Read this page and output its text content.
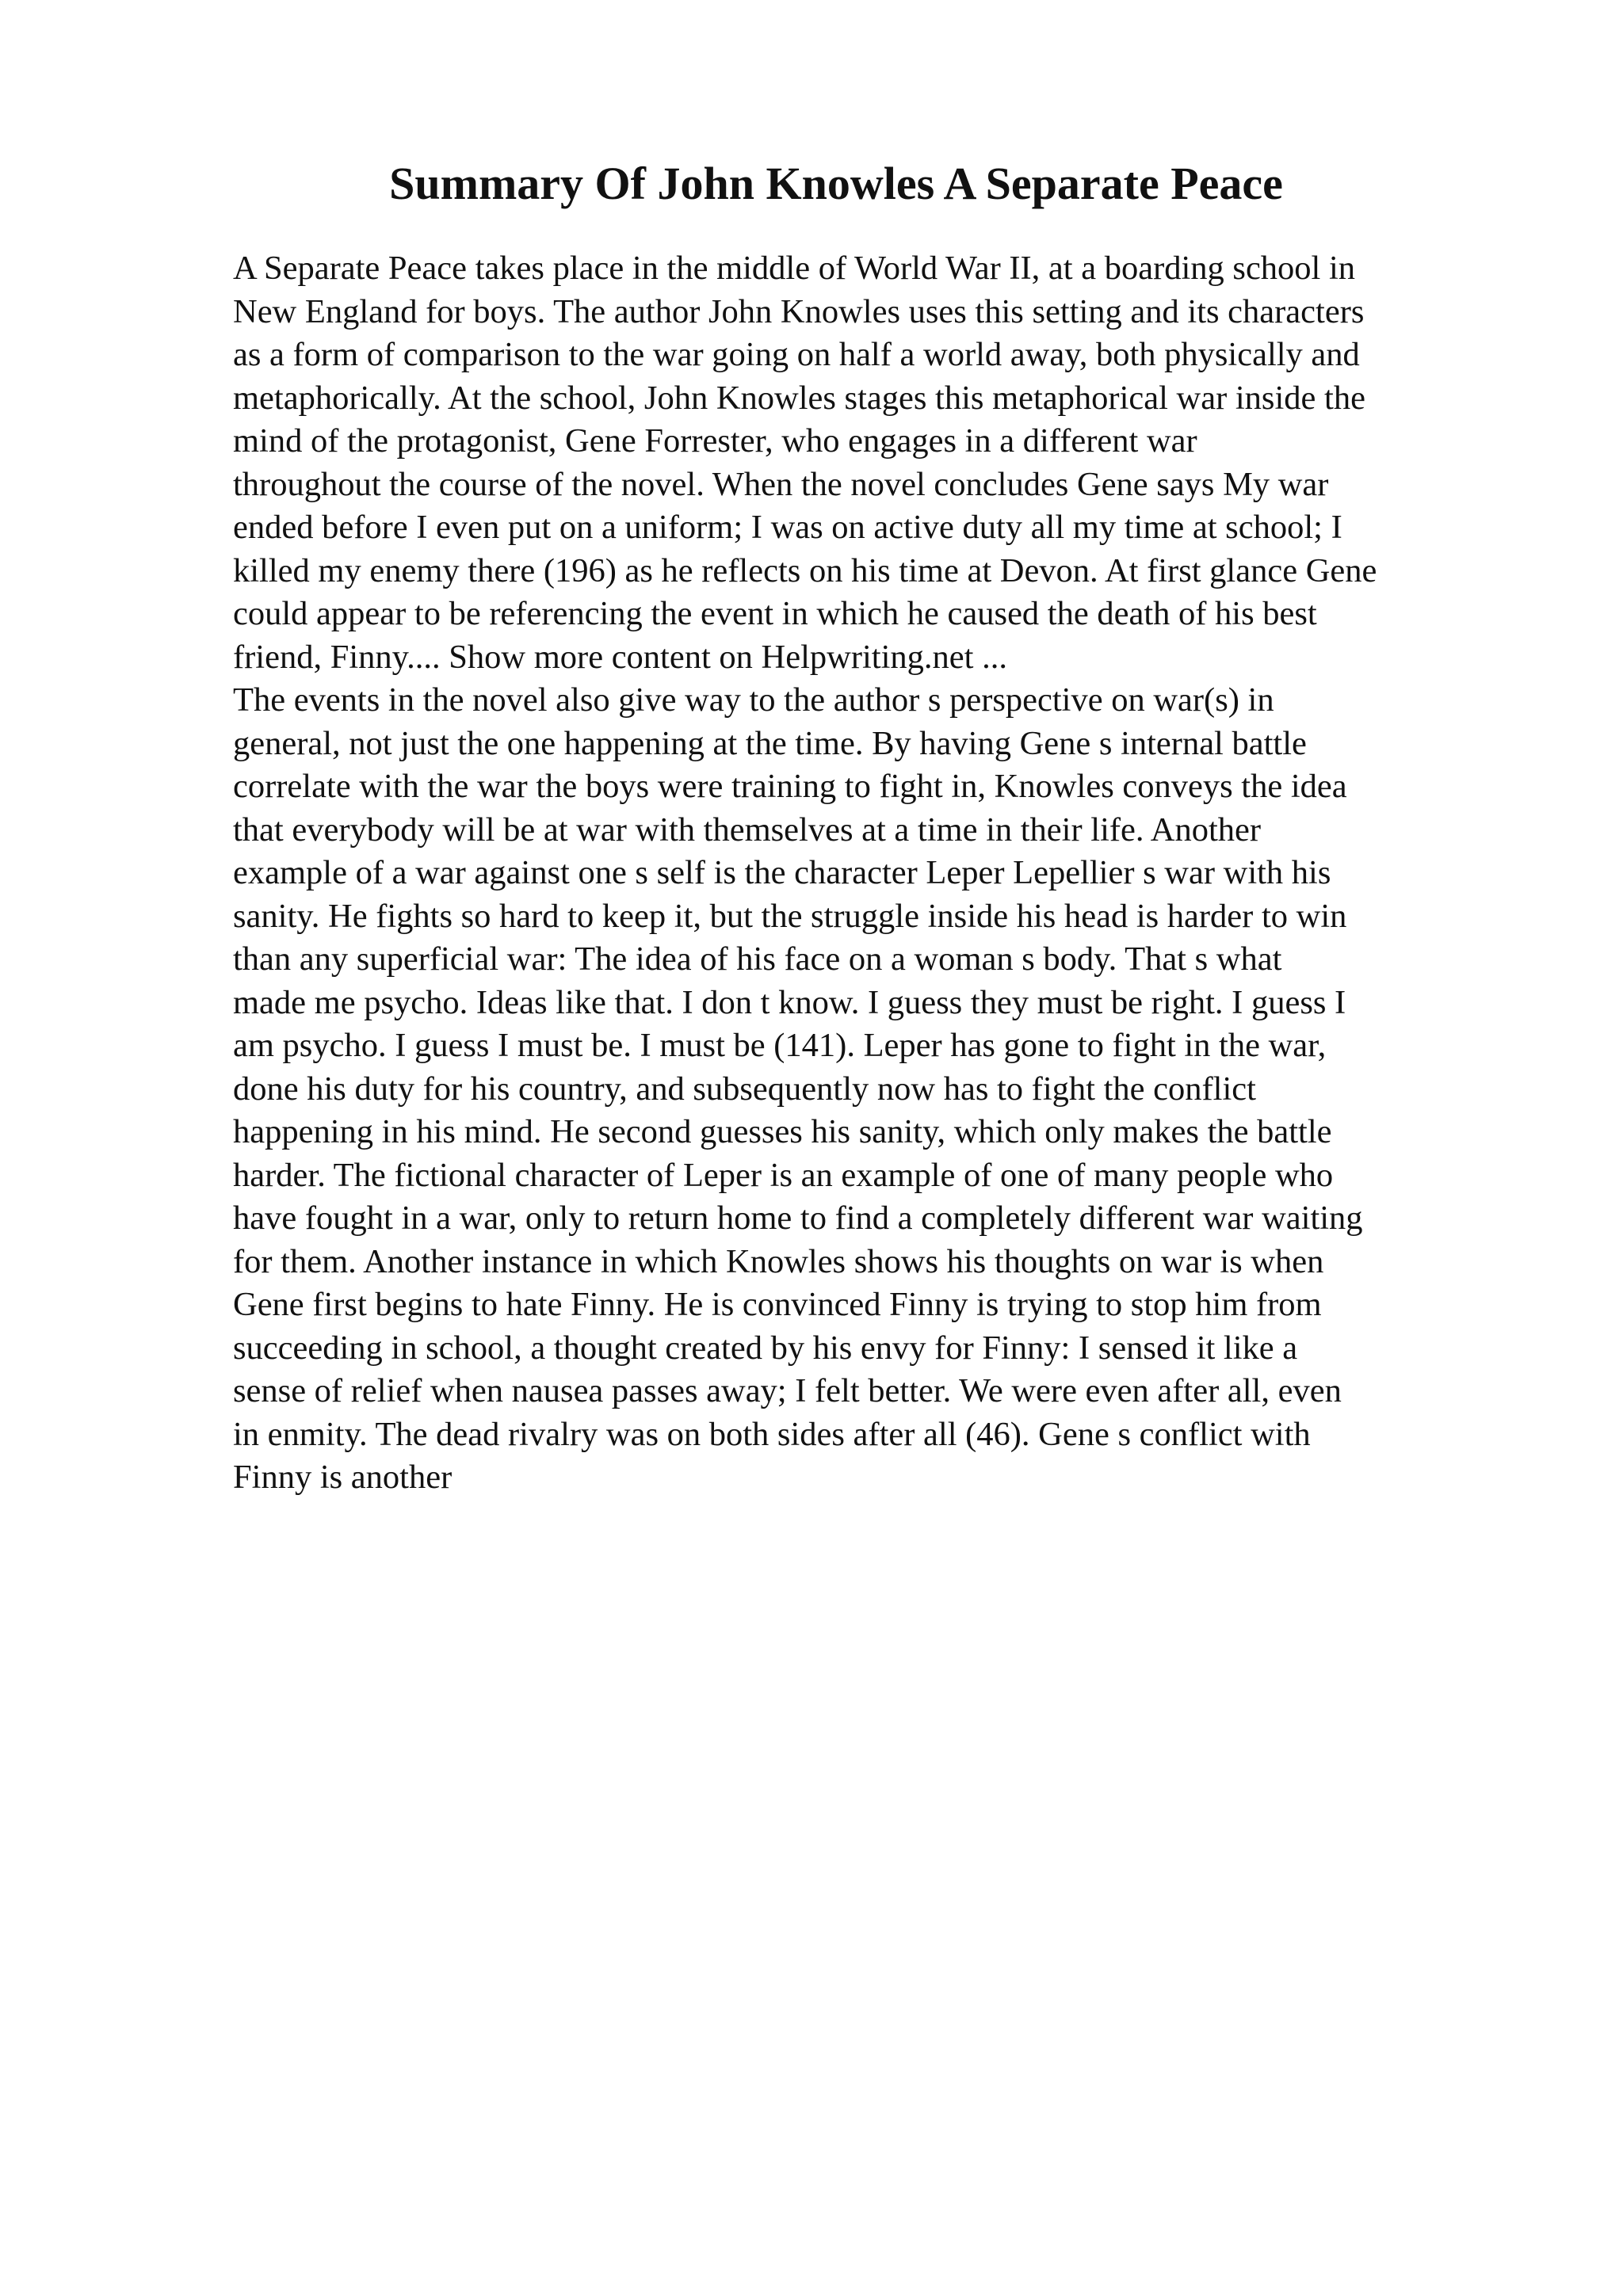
Summary Of John Knowles A Separate Peace
A Separate Peace takes place in the middle of World War II, at a boarding school in
New England for boys. The author John Knowles uses this setting and its characters
as a form of comparison to the war going on half a world away, both physically and
metaphorically. At the school, John Knowles stages this metaphorical war inside the
mind of the protagonist, Gene Forrester, who engages in a different war
throughout the course of the novel. When the novel concludes Gene says My war
ended before I even put on a uniform; I was on active duty all my time at school; I
killed my enemy there (196) as he reflects on his time at Devon. At first glance Gene
could appear to be referencing the event in which he caused the death of his best
friend, Finny.... Show more content on Helpwriting.net ...
The events in the novel also give way to the author s perspective on war(s) in
general, not just the one happening at the time. By having Gene s internal battle
correlate with the war the boys were training to fight in, Knowles conveys the idea
that everybody will be at war with themselves at a time in their life. Another
example of a war against one s self is the character Leper Lepellier s war with his
sanity. He fights so hard to keep it, but the struggle inside his head is harder to win
than any superficial war: The idea of his face on a woman s body. That s what
made me psycho. Ideas like that. I don t know. I guess they must be right. I guess I
am psycho. I guess I must be. I must be (141). Leper has gone to fight in the war,
done his duty for his country, and subsequently now has to fight the conflict
happening in his mind. He second guesses his sanity, which only makes the battle
harder. The fictional character of Leper is an example of one of many people who
have fought in a war, only to return home to find a completely different war waiting
for them. Another instance in which Knowles shows his thoughts on war is when
Gene first begins to hate Finny. He is convinced Finny is trying to stop him from
succeeding in school, a thought created by his envy for Finny: I sensed it like a
sense of relief when nausea passes away; I felt better. We were even after all, even
in enmity. The dead rivalry was on both sides after all (46). Gene s conflict with
Finny is another
